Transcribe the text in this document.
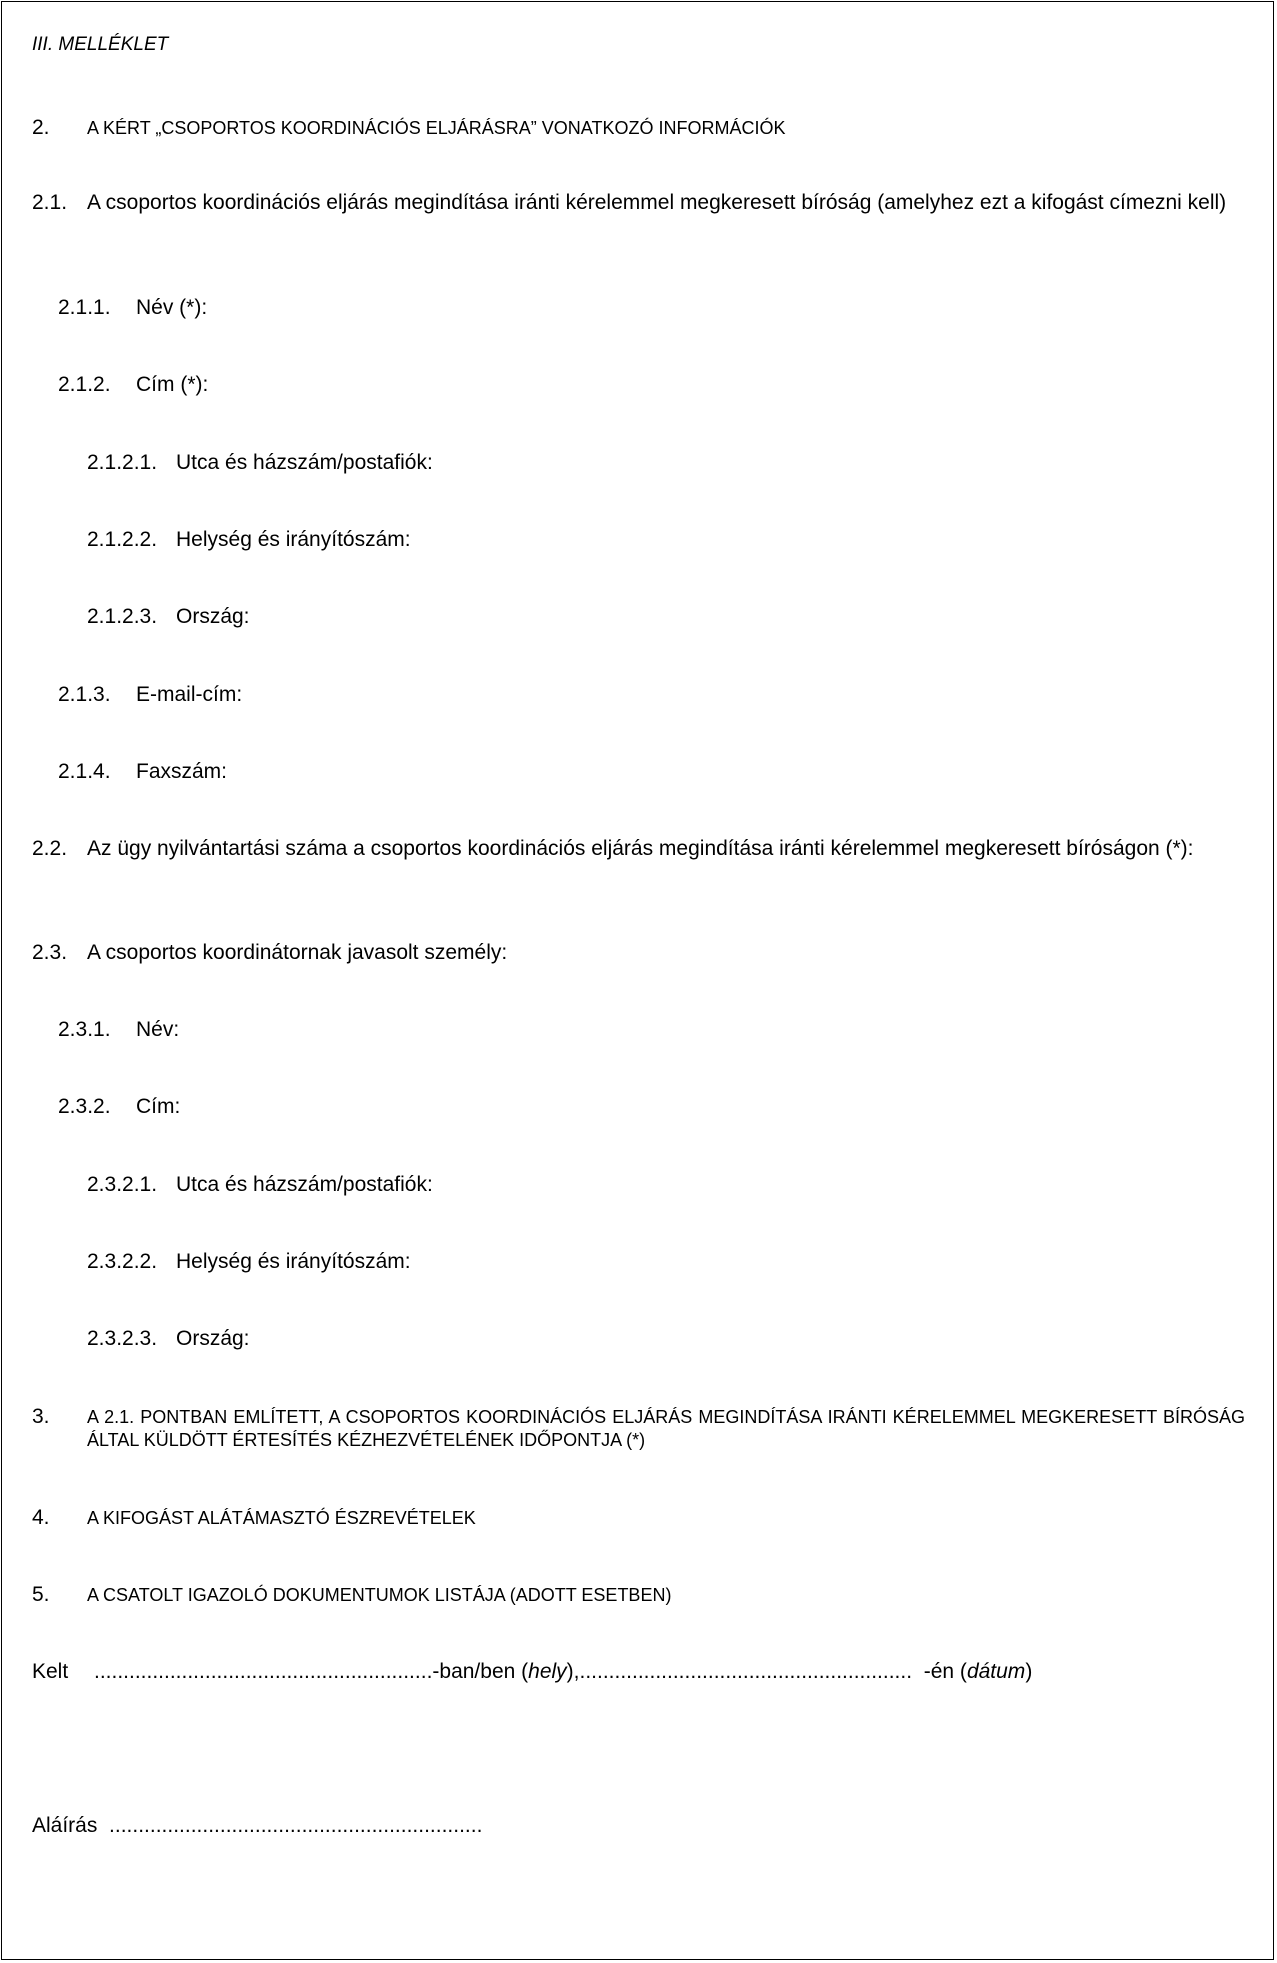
III. MELLÉKLET
2. A KÉRT „CSOPORTOS KOORDINÁCIÓS ELJÁRÁSRA” VONATKOZÓ INFORMÁCIÓK
2.1. A csoportos koordinációs eljárás megindítása iránti kérelemmel megkeresett bíróság (amelyhez ezt a kifogást címezni kell)
2.1.1. Név (*):
2.1.2. Cím (*):
2.1.2.1. Utca és házszám/postafiók:
2.1.2.2. Helység és irányítószám:
2.1.2.3. Ország:
2.1.3. E-mail-cím:
2.1.4. Faxszám:
2.2. Az ügy nyilvántartási száma a csoportos koordinációs eljárás megindítása iránti kérelemmel megkeresett bíróságon (*):
2.3. A csoportos koordinátornak javasolt személy:
2.3.1. Név:
2.3.2. Cím:
2.3.2.1. Utca és házszám/postafiók:
2.3.2.2. Helység és irányítószám:
2.3.2.3. Ország:
3. A 2.1. PONTBAN EMLÍTETT, A CSOPORTOS KOORDINÁCIÓS ELJÁRÁS MEGINDÍTÁSA IRÁNTI KÉRELEMMEL MEGKERESETT BÍRÓSÁG ÁLTAL KÜLDÖTT ÉRTESÍTÉS KÉZHEZVÉTELÉNEK IDŐPONTJA (*)
4. A KIFOGÁST ALÁTÁMASZTÓ ÉSZREVÉTELEK
5. A CSATOLT IGAZOLÓ DOKUMENTUMOK LISTÁJA (ADOTT ESETBEN)
Kelt ..........................................................-ban/ben (hely),......................................................... -én (dátum)
Aláírás ................................................................
